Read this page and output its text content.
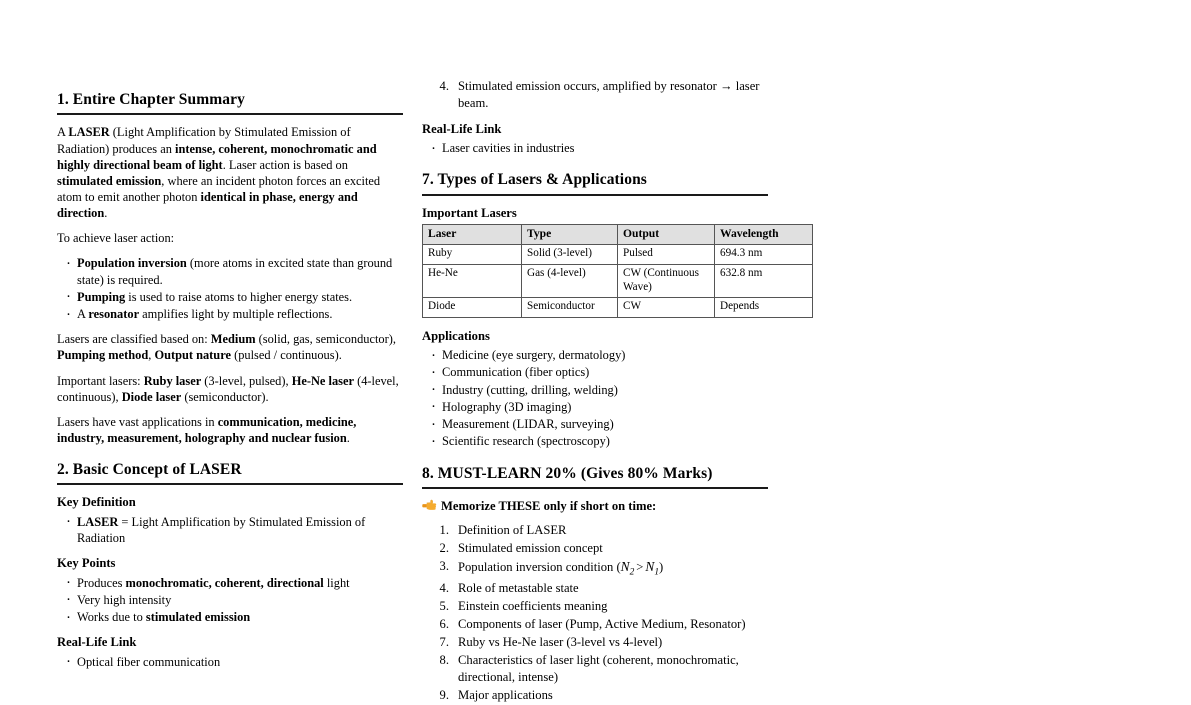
1. Entire Chapter Summary

A LASER (Light Amplification by Stimulated Emission of Radiation) produces an intense, coherent, monochromatic and highly directional beam of light. Laser action is based on stimulated emission, where an incident photon forces an excited atom to emit another photon identical in phase, energy and direction.

To achieve laser action:

· Population inversion (more atoms in excited state than ground state) is required.
· Pumping is used to raise atoms to higher energy states.
· A resonator amplifies light by multiple reflections.

Lasers are classified based on: Medium (solid, gas, semiconductor), Pumping method, Output nature (pulsed / continuous).

Important lasers: Ruby laser (3-level, pulsed), He-Ne laser (4-level, continuous), Diode laser (semiconductor).

Lasers have vast applications in communication, medicine, industry, measurement, holography and nuclear fusion.

2. Basic Concept of LASER
Key Definition
· LASER = Light Amplification by Stimulated Emission of Radiation
Key Points
· Produces monochromatic, coherent, directional light
· Very high intensity
· Works due to stimulated emission
Real-Life Link
· Optical fiber communication
Stimulated emission occurs, amplified by resonator → laser beam.
Real-Life Link
· Laser cavities in industries
7. Types of Lasers & Applications
Important Lasers
Laser	Type	Output	Wavelength
Ruby	Solid (3-level)	Pulsed	694.3 nm
He-Ne	Gas (4-level)	CW (Continuous Wave)	632.8 nm
Diode	Semiconductor	CW	Depends
Applications
· Medicine (eye surgery, dermatology)
· Communication (fiber optics)
· Industry (cutting, drilling, welding)
· Holography (3D imaging)
· Measurement (LIDAR, surveying)
· Scientific research (spectroscopy)
8. MUST-LEARN 20% (Gives 80% Marks)
Memorize THESE only if short on time:
Definition of LASER
Stimulated emission concept
Population inversion condition $(N_2 > N_1)$
Role of metastable state
Einstein coefficients meaning
Components of laser (Pump, Active Medium, Resonator)
Ruby vs He-Ne laser (3-level vs 4-level)
Characteristics of laser light (coherent, monochromatic, directional, intense)
Major applications
